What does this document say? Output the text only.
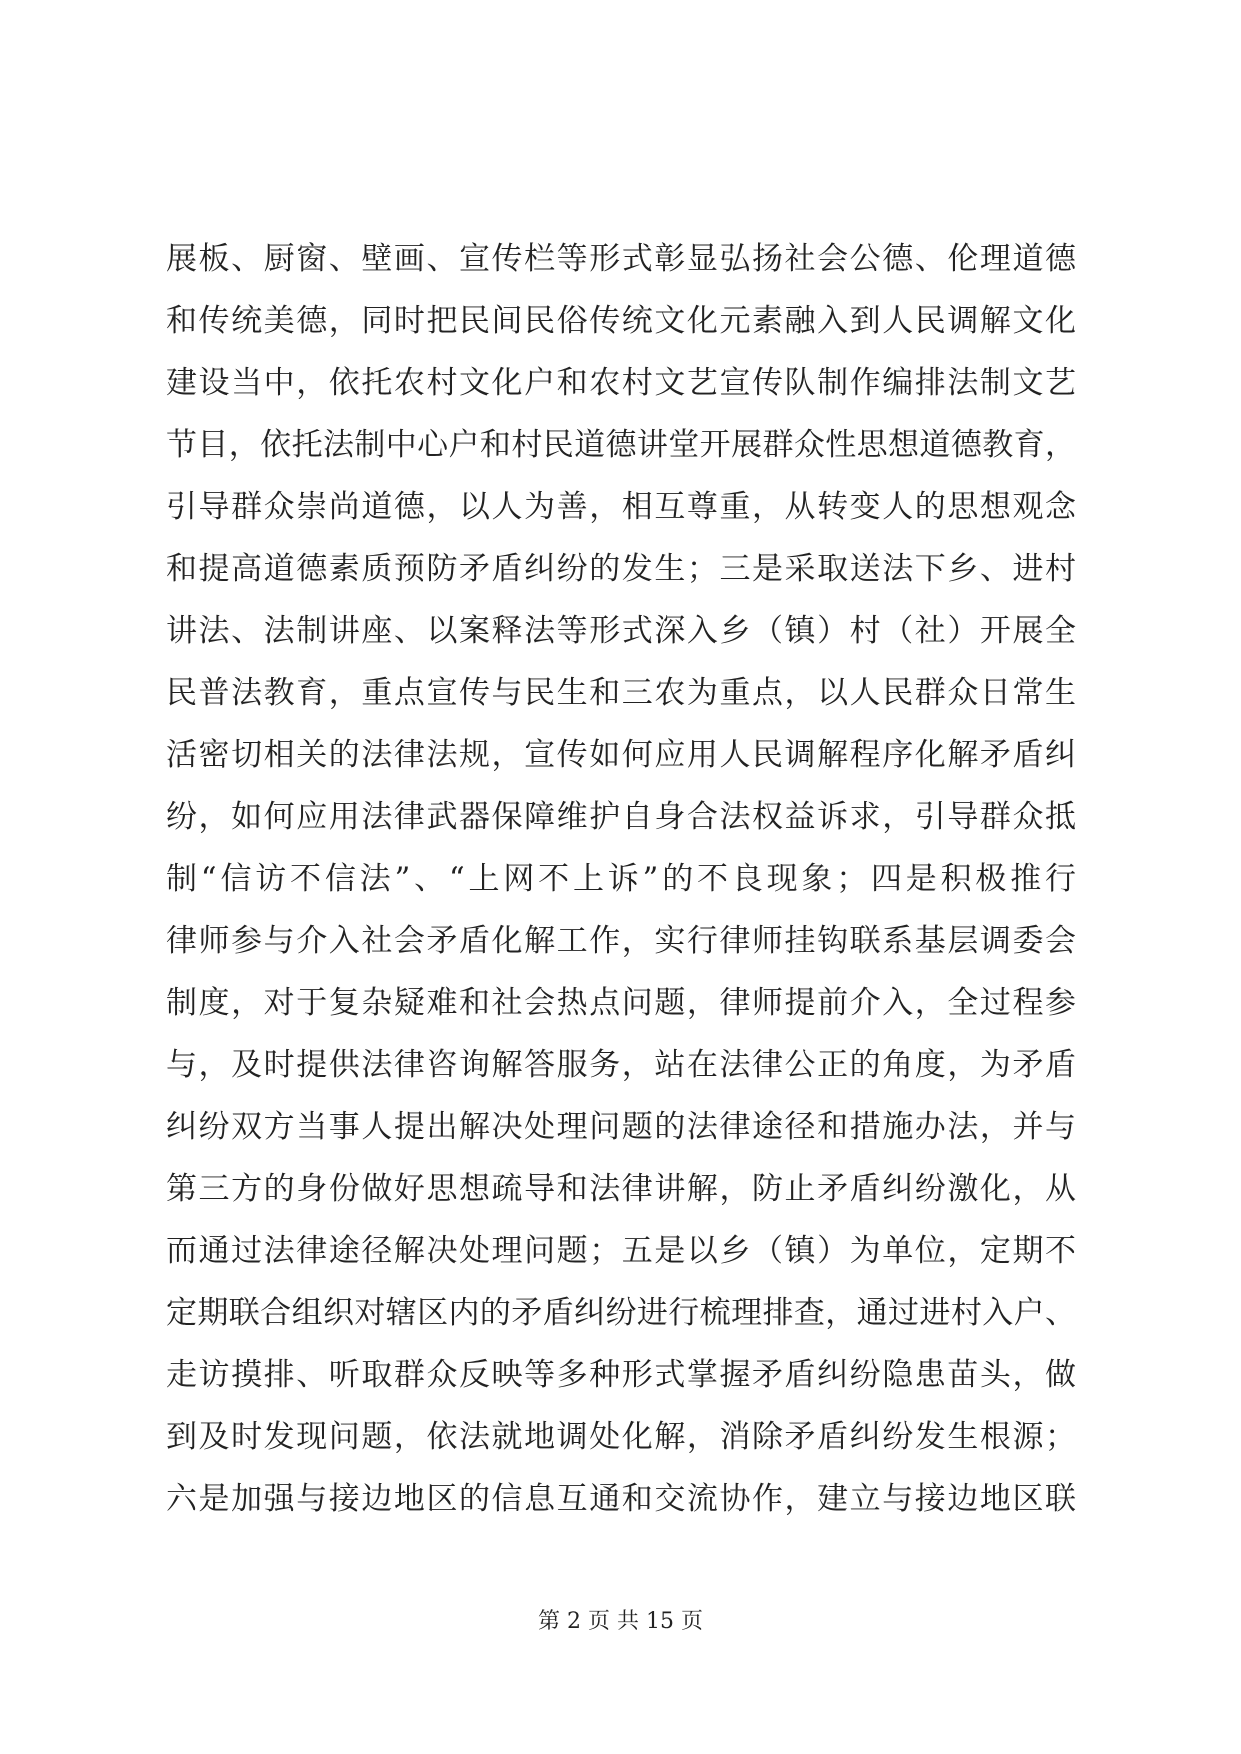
展板、厨窗、壁画、宣传栏等形式彰显弘扬社会公德、伦理道德
和传统美德，同时把民间民俗传统文化元素融入到人民调解文化
建设当中，依托农村文化户和农村文艺宣传队制作编排法制文艺
节目，依托法制中心户和村民道德讲堂开展群众性思想道德教育，
引导群众崇尚道德，以人为善，相互尊重，从转变人的思想观念
和提高道德素质预防矛盾纠纷的发生；三是采取送法下乡、进村
讲法、法制讲座、以案释法等形式深入乡（镇）村（社）开展全
民普法教育，重点宣传与民生和三农为重点，以人民群众日常生
活密切相关的法律法规，宣传如何应用人民调解程序化解矛盾纠
纷，如何应用法律武器保障维护自身合法权益诉求，引导群众抵
制“信访不信法”、“上网不上诉”的不良现象；四是积极推行
律师参与介入社会矛盾化解工作，实行律师挂钩联系基层调委会
制度，对于复杂疑难和社会热点问题，律师提前介入，全过程参
与，及时提供法律咨询解答服务，站在法律公正的角度，为矛盾
纠纷双方当事人提出解决处理问题的法律途径和措施办法，并与
第三方的身份做好思想疏导和法律讲解，防止矛盾纠纷激化，从
而通过法律途径解决处理问题；五是以乡（镇）为单位，定期不
定期联合组织对辖区内的矛盾纠纷进行梳理排查，通过进村入户、
走访摸排、听取群众反映等多种形式掌握矛盾纠纷隐患苗头，做
到及时发现问题，依法就地调处化解，消除矛盾纠纷发生根源；
六是加强与接边地区的信息互通和交流协作，建立与接边地区联
第 2 页 共 15 页
